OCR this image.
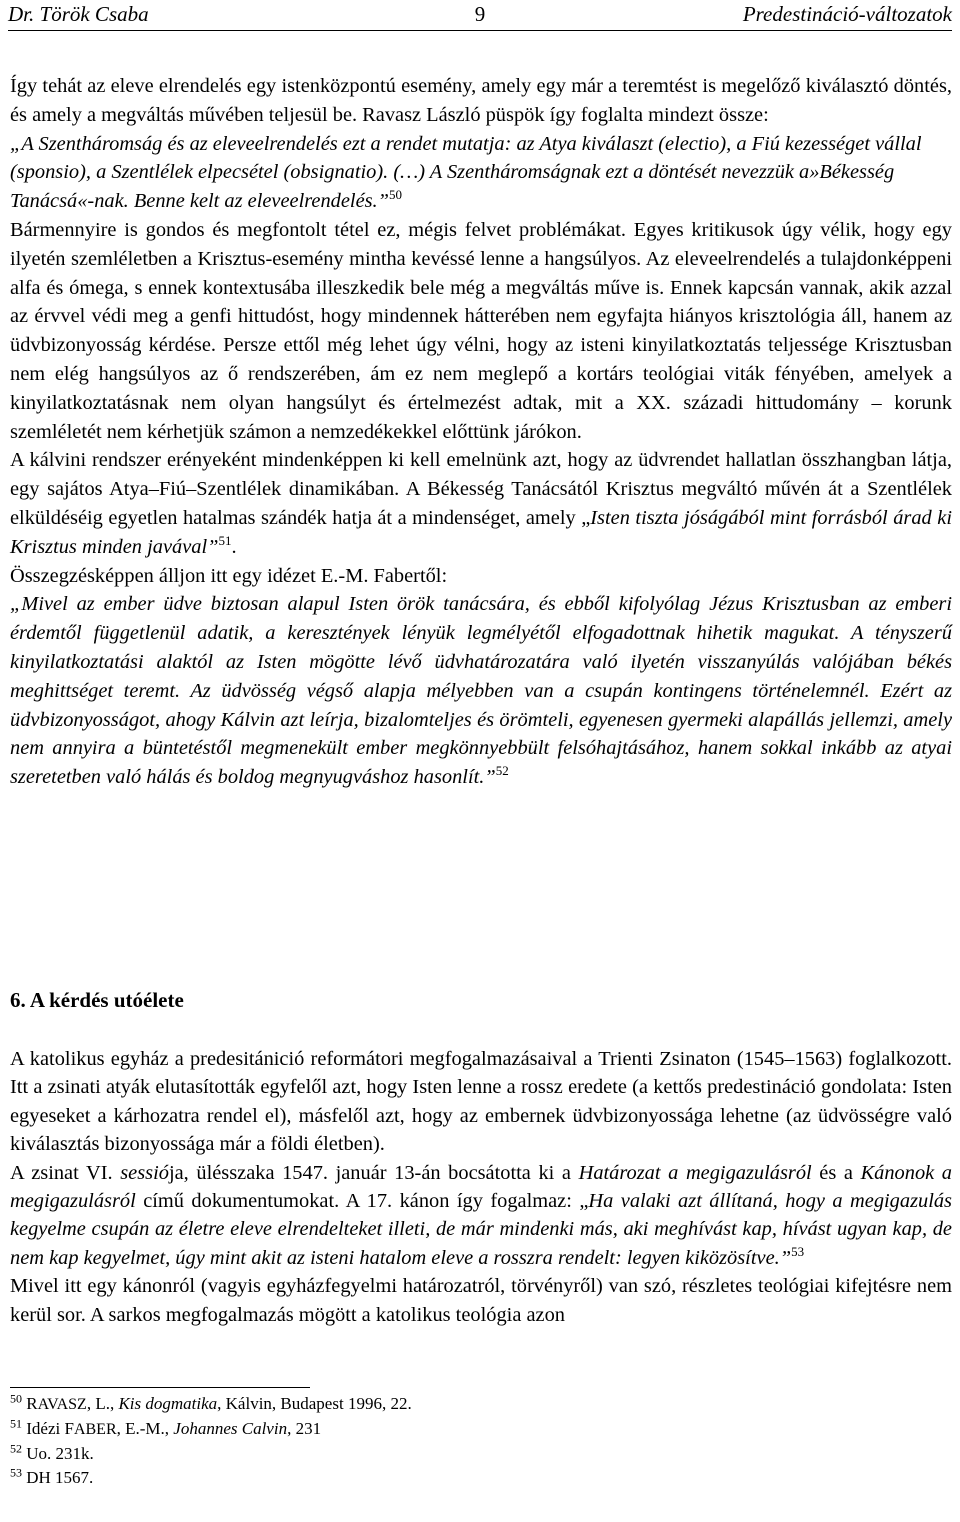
Dr. Török Csaba	9	Predestináció-változatok

Így tehát az eleve elrendelés egy istenközpontú esemény, amely egy már a teremtést is megelőző kiválasztó döntés, és amely a megváltás művében teljesül be. Ravasz László püspök így foglalta mindezt össze:

„A Szentháromság és az eleveelrendelés ezt a rendet mutatja: az Atya kiválaszt (electio), a Fiú kezességet vállal (sponsio), a Szentlélek elpecsétel (obsignatio). (…) A Szentháromságnak ezt a döntését nevezzük a»Békesség Tanácsá«-nak. Benne kelt az eleveelrendelés.”$^{50}$

Bármennyire is gondos és megfontolt tétel ez, mégis felvet problémákat. Egyes kritikusok úgy vélik, hogy egy ilyetén szemléletben a Krisztus-esemény mintha kevéssé lenne a hangsúlyos. Az eleveelrendelés a tulajdonképpeni alfa és ómega, s ennek kontextusába illeszkedik bele még a megváltás műve is. Ennek kapcsán vannak, akik azzal az érvvel védi meg a genfi hittudóst, hogy mindennek hátterében nem egyfajta hiányos krisztológia áll, hanem az üdvbizonyosság kérdése. Persze ettől még lehet úgy vélni, hogy az isteni kinyilatkoztatás teljessége Krisztusban nem elég hangsúlyos az ő rendszerében, ám ez nem meglepő a kortárs teológiai viták fényében, amelyek a kinyilatkoztatásnak nem olyan hangsúlyt és értelmezést adtak, mit a XX. századi hittudomány – korunk szemléletét nem kérhetjük számon a nemzedékekkel előttünk járókon.

A kálvini rendszer erényeként mindenképpen ki kell emelnünk azt, hogy az üdvrendet hallatlan összhangban látja, egy sajátos Atya–Fiú–Szentlélek dinamikában. A Békesség Tanácsától Krisztus megváltó művén át a Szentlélek elküldéséig egyetlen hatalmas szándék hatja át a mindenséget, amely „Isten tiszta jóságából mint forrásból árad ki Krisztus minden javával”$^{51}$.

Összegzésképpen álljon itt egy idézet E.-M. Fabertől:

„Mivel az ember üdve biztosan alapul Isten örök tanácsára, és ebből kifolyólag Jézus Krisztusban az emberi érdemtől függetlenül adatik, a keresztények lényük legmélyétől elfogadottnak hihetik magukat. A tényszerű kinyilatkoztatási alaktól az Isten mögötte lévő üdvhatározatára való ilyetén visszanyúlás valójában békés meghittséget teremt. Az üdvösség végső alapja mélyebben van a csupán kontingens történelemnél. Ezért az üdvbizonyosságot, ahogy Kálvin azt leírja, bizalomteljes és örömteli, egyenesen gyermeki alapállás jellemzi, amely nem annyira a büntetéstől megmenekült ember megkönnyebbült felsóhajtásához, hanem sokkal inkább az atyai szeretetben való hálás és boldog megnyugváshoz hasonlít.”$^{52}$

6. A kérdés utóélete

A katolikus egyház a predesitánició reformátori megfogalmazásaival a Trienti Zsinaton (1545–1563) foglalkozott. Itt a zsinati atyák elutasították egyfelől azt, hogy Isten lenne a rossz eredete (a kettős predestináció gondolata: Isten egyeseket a kárhozatra rendel el), másfelől azt, hogy az embernek üdvbizonyossága lehetne (az üdvösségre való kiválasztás bizonyossága már a földi életben).

A zsinat VI. sessiója, ülésszaka 1547. január 13-án bocsátotta ki a Határozat a megigazulásról és a Kánonok a megigazulásról című dokumentumokat. A 17. kánon így fogalmaz: „Ha valaki azt állítaná, hogy a megigazulás kegyelme csupán az életre eleve elrendelteket illeti, de már mindenki más, aki meghívást kap, hívást ugyan kap, de nem kap kegyelmet, úgy mint akit az isteni hatalom eleve a rosszra rendelt: legyen kiközösítve.”$^{53}$
Mivel itt egy kánonról (vagyis egyházfegyelmi határozatról, törvényről) van szó, részletes teológiai kifejtésre nem kerül sor. A sarkos megfogalmazás mögött a katolikus teológia azon

$^{50}$ RAVASZ, L., Kis dogmatika, Kálvin, Budapest 1996, 22.
$^{51}$ Idézi FABER, E.-M., Johannes Calvin, 231
$^{52}$ Uo. 231k.
$^{53}$ DH 1567.
